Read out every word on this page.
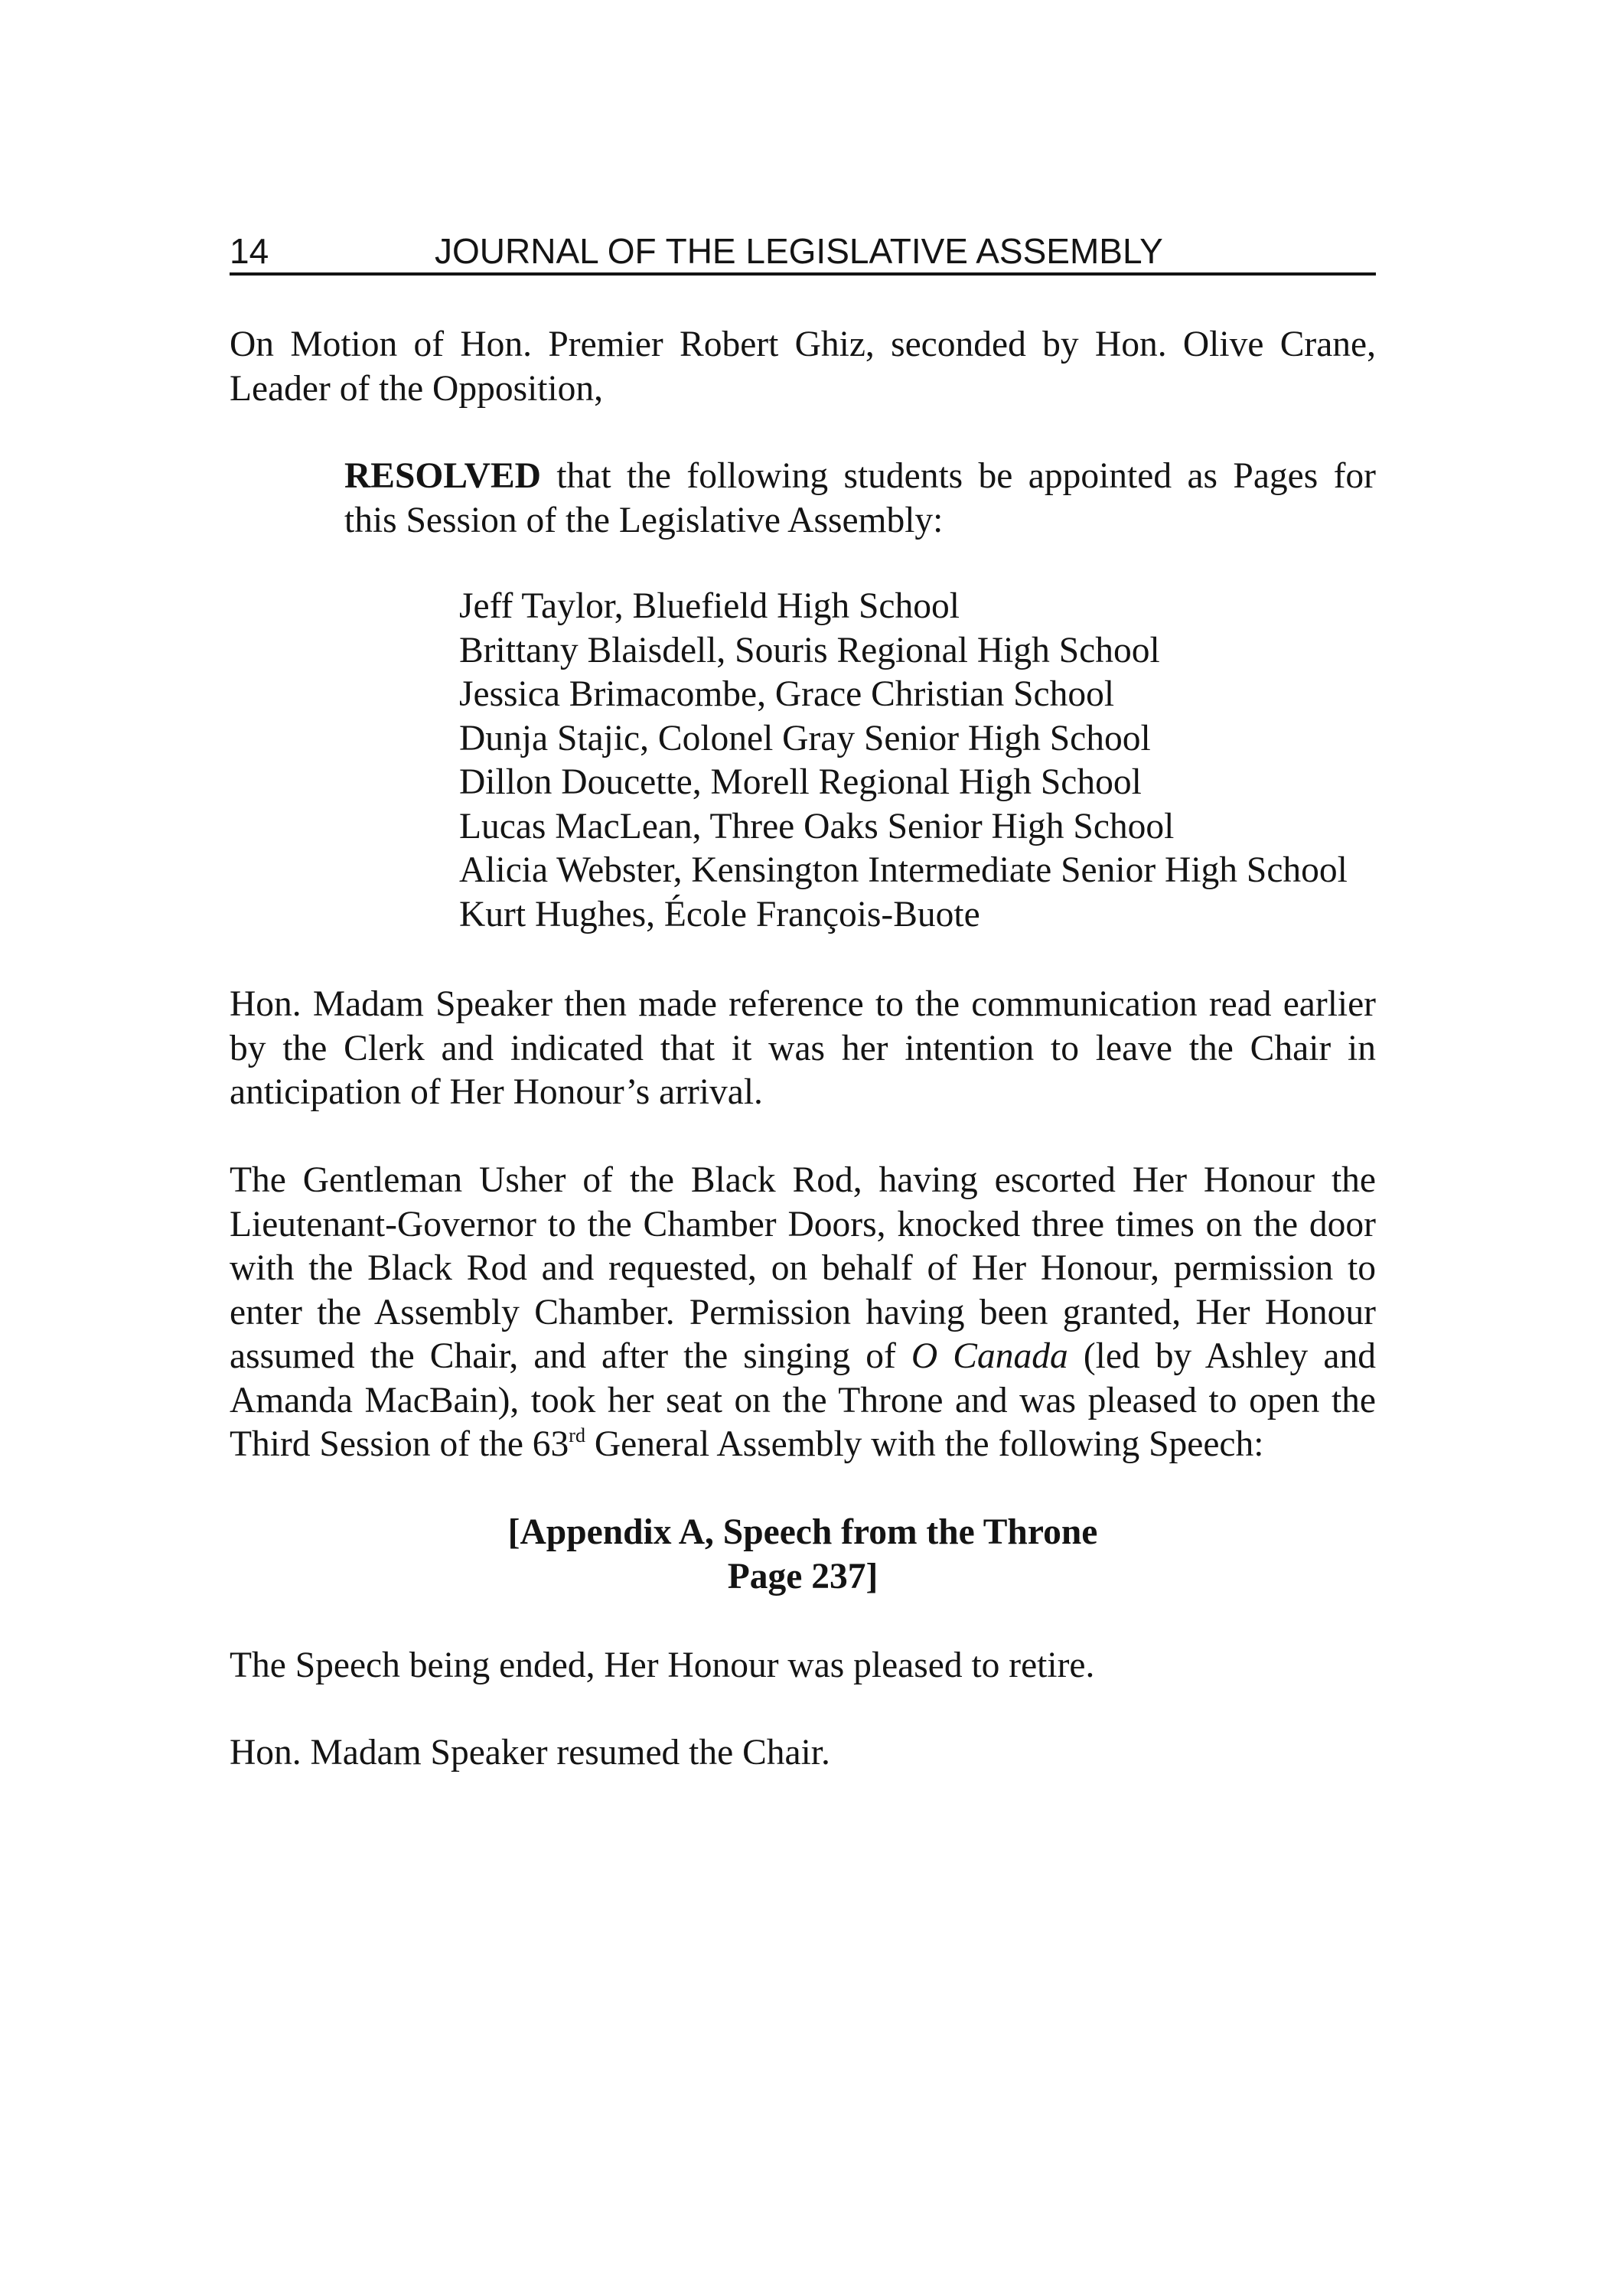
14	JOURNAL OF THE LEGISLATIVE ASSEMBLY

On Motion of Hon. Premier Robert Ghiz, seconded by Hon. Olive Crane, Leader of the Opposition,

RESOLVED that the following students be appointed as Pages for this Session of the Legislative Assembly:

Jeff Taylor, Bluefield High School
Brittany Blaisdell, Souris Regional High School
Jessica Brimacombe, Grace Christian School
Dunja Stajic, Colonel Gray Senior High School
Dillon Doucette, Morell Regional High School
Lucas MacLean, Three Oaks Senior High School
Alicia Webster, Kensington Intermediate Senior High School
Kurt Hughes, École François-Buote

Hon. Madam Speaker then made reference to the communication read earlier by the Clerk and indicated that it was her intention to leave the Chair in anticipation of Her Honour’s arrival.

The Gentleman Usher of the Black Rod, having escorted Her Honour the Lieutenant-Governor to the Chamber Doors, knocked three times on the door with the Black Rod and requested, on behalf of Her Honour, permission to enter the Assembly Chamber. Permission having been granted, Her Honour assumed the Chair, and after the singing of O Canada (led by Ashley and Amanda MacBain), took her seat on the Throne and was pleased to open the Third Session of the 63rd General Assembly with the following Speech:

[Appendix A, Speech from the Throne
Page 237]

The Speech being ended, Her Honour was pleased to retire.

Hon. Madam Speaker resumed the Chair.
